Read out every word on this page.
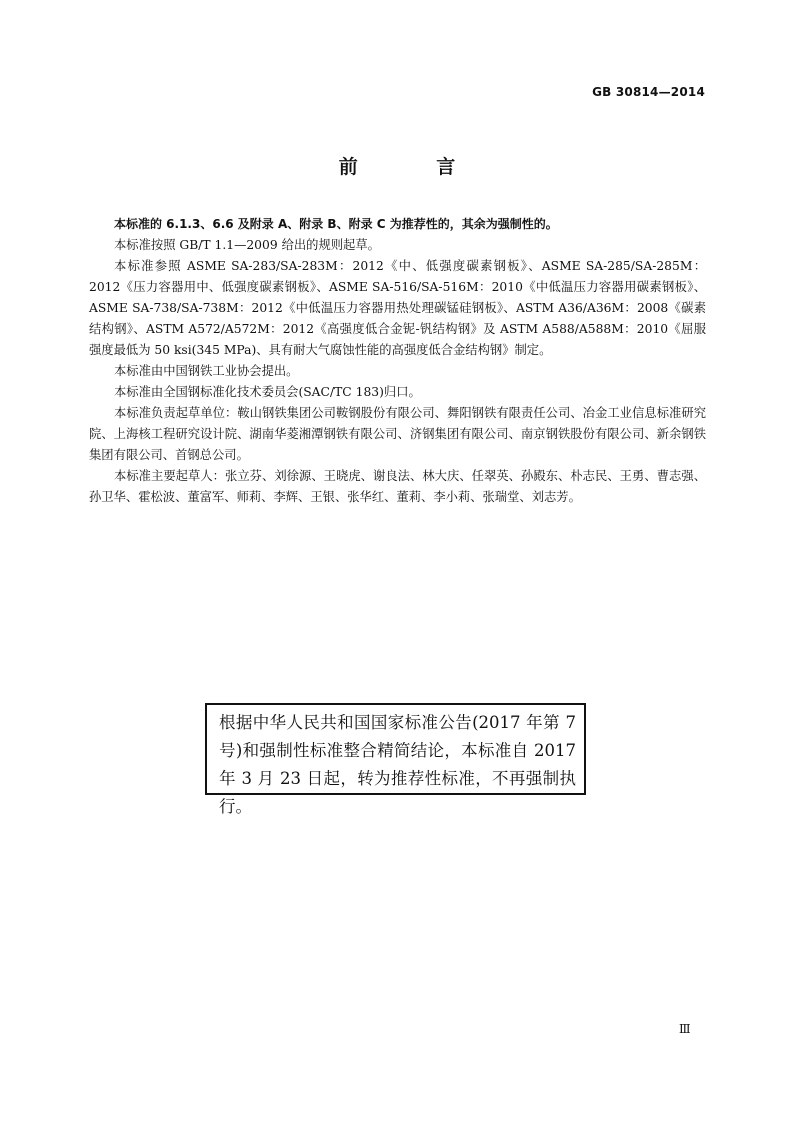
GB 30814—2014
前 言

本标准的 6.1.3、6.6 及附录 A、附录 B、附录 C 为推荐性的，其余为强制性的。

本标准按照 GB/T 1.1—2009 给出的规则起草。

本标准参照 ASME SA-283/SA-283M：2012《中、低强度碳素钢板》、ASME SA-285/SA-285M：2012《压力容器用中、低强度碳素钢板》、ASME SA-516/SA-516M：2010《中低温压力容器用碳素钢板》、ASME SA-738/SA-738M：2012《中低温压力容器用热处理碳锰硅钢板》、ASTM A36/A36M：2008《碳素结构钢》、ASTM A572/A572M：2012《高强度低合金铌-钒结构钢》及 ASTM A588/A588M：2010《屈服强度最低为 50 ksi(345 MPa)、具有耐大气腐蚀性能的高强度低合金结构钢》制定。

本标准由中国钢铁工业协会提出。

本标准由全国钢标准化技术委员会(SAC/TC 183)归口。

本标准负责起草单位：鞍山钢铁集团公司鞍钢股份有限公司、舞阳钢铁有限责任公司、冶金工业信息标准研究院、上海核工程研究设计院、湖南华菱湘潭钢铁有限公司、济钢集团有限公司、南京钢铁股份有限公司、新余钢铁集团有限公司、首钢总公司。

本标准主要起草人：张立芬、刘徐源、王晓虎、谢良法、林大庆、任翠英、孙殿东、朴志民、王勇、曹志强、孙卫华、霍松波、董富军、师莉、李辉、王银、张华红、董莉、李小莉、张瑞堂、刘志芳。

根据中华人民共和国国家标准公告(2017 年第 7 号)和强制性标准整合精简结论，本标准自 2017 年 3 月 23 日起，转为推荐性标准，不再强制执行。

Ⅲ
